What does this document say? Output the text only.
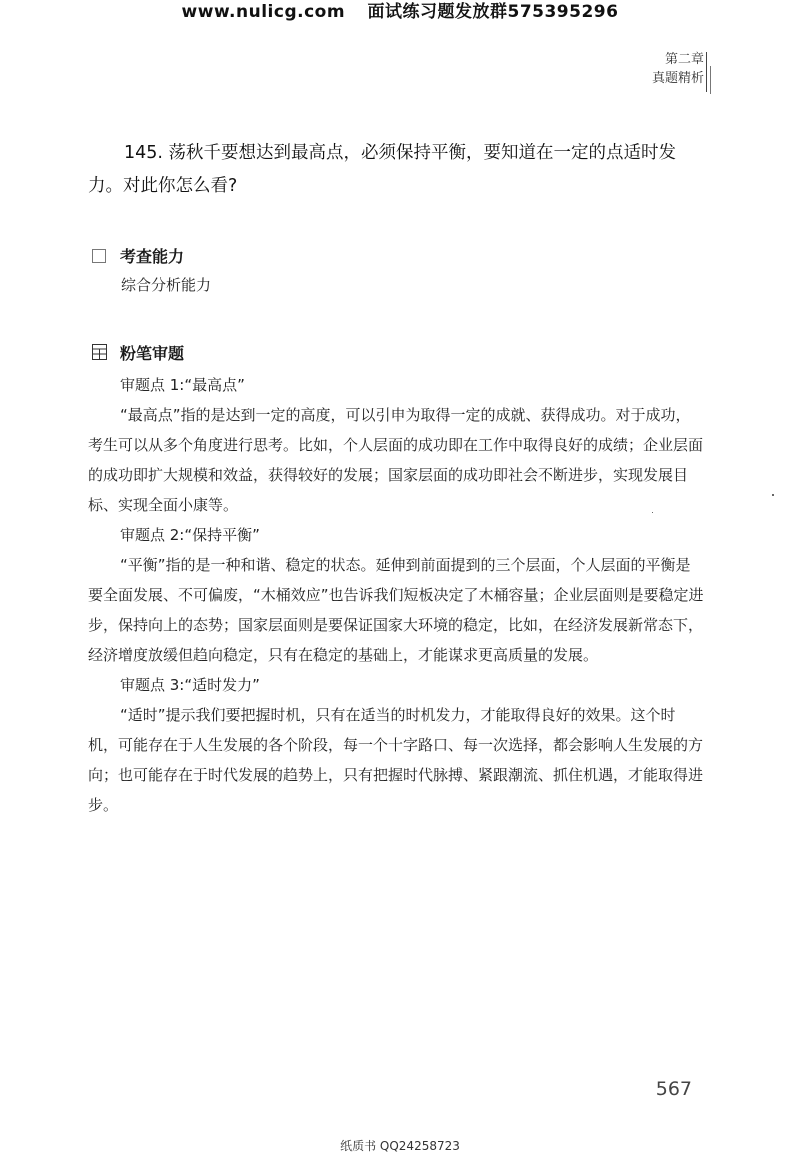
www.nulicg.com 面试练习题发放群575395296
第二章
真题精析
145. 荡秋千要想达到最高点，必须保持平衡，要知道在一定的点适时发力。对此你怎么看?
考查能力
综合分析能力
粉笔审题

审题点 1:“最高点”

“最高点”指的是达到一定的高度，可以引申为取得一定的成就、获得成功。对于成功，考生可以从多个角度进行思考。比如，个人层面的成功即在工作中取得良好的成绩；企业层面的成功即扩大规模和效益，获得较好的发展；国家层面的成功即社会不断进步，实现发展目标、实现全面小康等。

审题点 2:“保持平衡”

“平衡”指的是一种和谐、稳定的状态。延伸到前面提到的三个层面，个人层面的平衡是要全面发展、不可偏废，“木桶效应”也告诉我们短板决定了木桶容量；企业层面则是要稳定进步，保持向上的态势；国家层面则是要保证国家大环境的稳定，比如，在经济发展新常态下，经济增度放缓但趋向稳定，只有在稳定的基础上，才能谋求更高质量的发展。

审题点 3:“适时发力”

“适时”提示我们要把握时机，只有在适当的时机发力，才能取得良好的效果。这个时机，可能存在于人生发展的各个阶段，每一个十字路口、每一次选择，都会影响人生发展的方向；也可能存在于时代发展的趋势上，只有把握时代脉搏、紧跟潮流、抓住机遇，才能取得进步。

567
纸质书 QQ24258723
